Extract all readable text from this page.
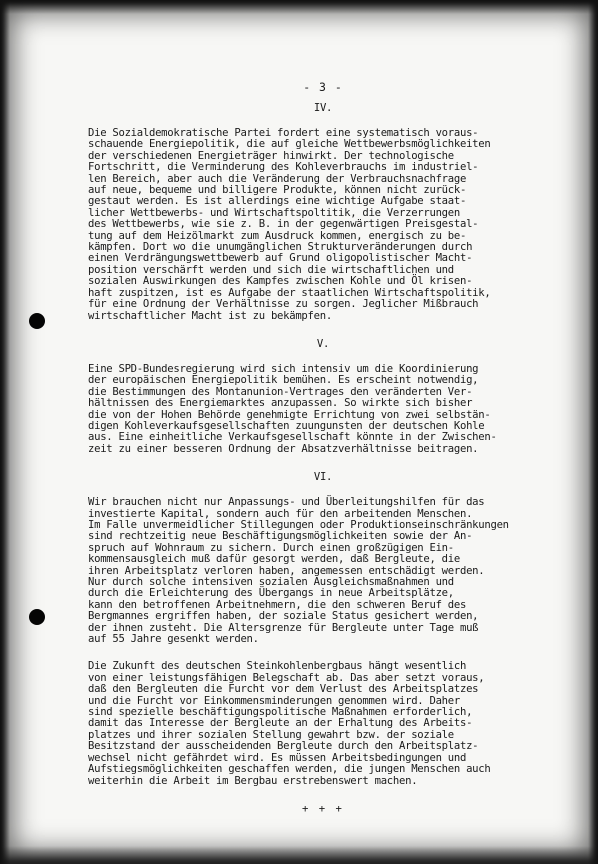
- 3 -
IV.
Die Sozialdemokratische Partei fordert eine systematisch voraus-
schauende Energiepolitik, die auf gleiche Wettbewerbsmöglichkeiten
der verschiedenen Energieträger hinwirkt. Der technologische
Fortschritt, die Verminderung des Kohleverbrauchs im industriel-
len Bereich, aber auch die Veränderung der Verbrauchsnachfrage
auf neue, bequeme und billigere Produkte, können nicht zurück-
gestaut werden. Es ist allerdings eine wichtige Aufgabe staat-
licher Wettbewerbs- und Wirtschaftspoltitik, die Verzerrungen
des Wettbewerbs, wie sie z. B. in der gegenwärtigen Preisgestal-
tung auf dem Heizölmarkt zum Ausdruck kommen, energisch zu be-
kämpfen. Dort wo die unumgänglichen Strukturveränderungen durch
einen Verdrängungswettbewerb auf Grund oligopolistischer Macht-
position verschärft werden und sich die wirtschaftlichen und
sozialen Auswirkungen des Kampfes zwischen Kohle und Öl krisen-
haft zuspitzen, ist es Aufgabe der staatlichen Wirtschaftspolitik,
für eine Ordnung der Verhältnisse zu sorgen. Jeglicher Mißbrauch
wirtschaftlicher Macht ist zu bekämpfen.
V.
Eine SPD-Bundesregierung wird sich intensiv um die Koordinierung
der europäischen Energiepolitik bemühen. Es erscheint notwendig,
die Bestimmungen des Montanunion-Vertrages den veränderten Ver-
hältnissen des Energiemarktes anzupassen. So wirkte sich bisher
die von der Hohen Behörde genehmigte Errichtung von zwei selbstän-
digen Kohleverkaufsgesellschaften zuungunsten der deutschen Kohle
aus. Eine einheitliche Verkaufsgesellschaft könnte in der Zwischen-
zeit zu einer besseren Ordnung der Absatzverhältnisse beitragen.
VI.
Wir brauchen nicht nur Anpassungs- und Überleitungshilfen für das
investierte Kapital, sondern auch für den arbeitenden Menschen.
Im Falle unvermeidlicher Stillegungen oder Produktionseinschränkungen
sind rechtzeitig neue Beschäftigungsmöglichkeiten sowie der An-
spruch auf Wohnraum zu sichern. Durch einen großzügigen Ein-
kommensausgleich muß dafür gesorgt werden, daß Bergleute, die
ihren Arbeitsplatz verloren haben, angemessen entschädigt werden.
Nur durch solche intensiven sozialen Ausgleichsmaßnahmen und
durch die Erleichterung des Übergangs in neue Arbeitsplätze,
kann den betroffenen Arbeitnehmern, die den schweren Beruf des
Bergmannes ergriffen haben, der soziale Status gesichert werden,
der ihnen zusteht. Die Altersgrenze für Bergleute unter Tage muß
auf 55 Jahre gesenkt werden.
Die Zukunft des deutschen Steinkohlenbergbaus hängt wesentlich
von einer leistungsfähigen Belegschaft ab. Das aber setzt voraus,
daß den Bergleuten die Furcht vor dem Verlust des Arbeitsplatzes
und die Furcht vor Einkommensminderungen genommen wird. Daher
sind spezielle beschäftigungspolitische Maßnahmen erforderlich,
damit das Interesse der Bergleute an der Erhaltung des Arbeits-
platzes und ihrer sozialen Stellung gewahrt bzw. der soziale
Besitzstand der ausscheidenden Bergleute durch den Arbeitsplatz-
wechsel nicht gefährdet wird. Es müssen Arbeitsbedingungen und
Aufstiegsmöglichkeiten geschaffen werden, die jungen Menschen auch
weiterhin die Arbeit im Bergbau erstrebenswert machen.
+ + +
